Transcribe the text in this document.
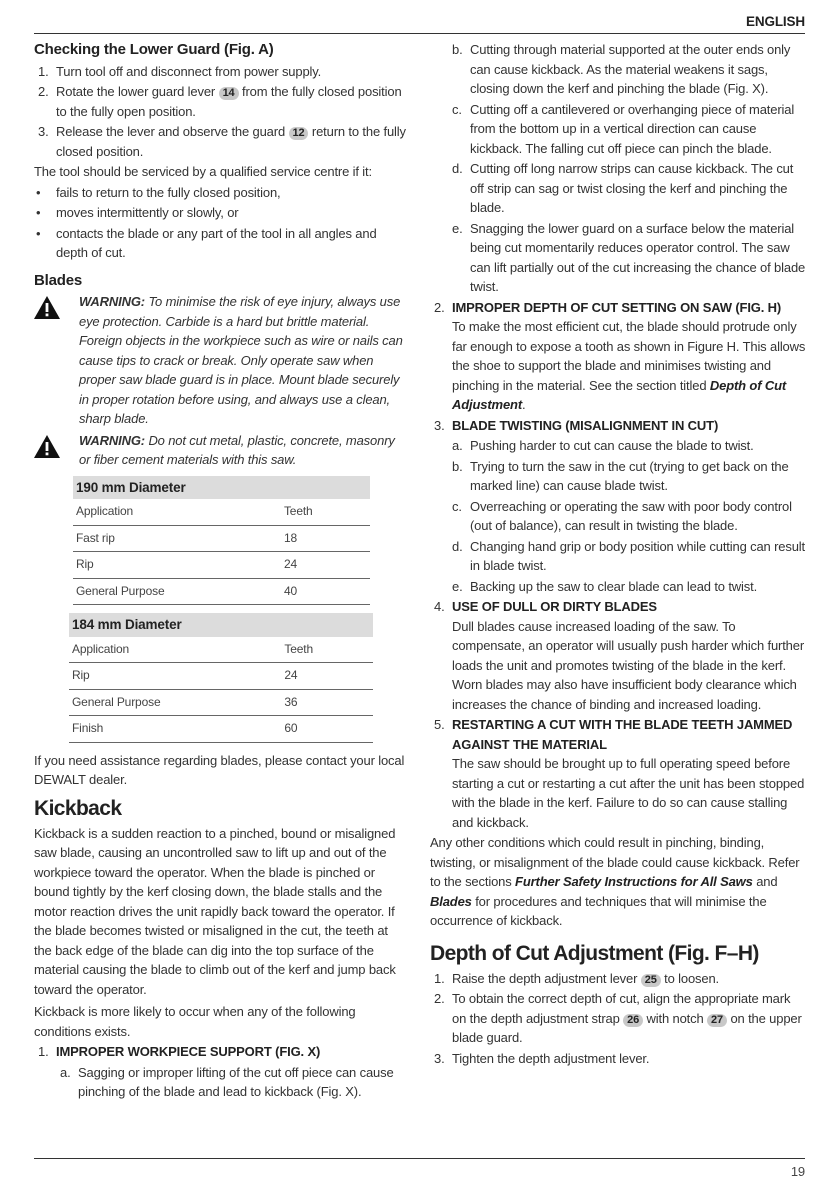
ENGLISH
19
Checking the Lower Guard (Fig. A)
1. Turn tool off and disconnect from power supply.
2. Rotate the lower guard lever 14 from the fully closed position to the fully open position.
3. Release the lever and observe the guard 12 return to the fully closed position.

The tool should be serviced by a qualified service centre if it:

• fails to return to the fully closed position,
• moves intermittently or slowly, or
• contacts the blade or any part of the tool in all angles and depth of cut.
Blades
WARNING: To minimise the risk of eye injury, always use eye protection. Carbide is a hard but brittle material. Foreign objects in the workpiece such as wire or nails can cause tips to crack or break. Only operate saw when proper saw blade guard is in place. Mount blade securely in proper rotation before using, and always use a clean, sharp blade.
WARNING: Do not cut metal, plastic, concrete, masonry or fiber cement materials with this saw.
190 mm Diameter	
Application	Teeth
Fast rip	18
Rip	24
General Purpose	40
184 mm Diameter	
Application	Teeth
Rip	24
General Purpose	36
Finish	60

If you need assistance regarding blades, please contact your local DEWALT dealer.

Kickback

Kickback is a sudden reaction to a pinched, bound or misaligned saw blade, causing an uncontrolled saw to lift up and out of the workpiece toward the operator. When the blade is pinched or bound tightly by the kerf closing down, the blade stalls and the motor reaction drives the unit rapidly back toward the operator. If the blade becomes twisted or misaligned in the cut, the teeth at the back edge of the blade can dig into the top surface of the material causing the blade to climb out of the kerf and jump back toward the operator.

Kickback is more likely to occur when any of the following conditions exists.

1. IMPROPER WORKPIECE SUPPORT (FIG. X)
a. Sagging or improper lifting of the cut off piece can cause pinching of the blade and lead to kickback (Fig. X).
b. Cutting through material supported at the outer ends only can cause kickback. As the material weakens it sags, closing down the kerf and pinching the blade (Fig. X).
c. Cutting off a cantilevered or overhanging piece of material from the bottom up in a vertical direction can cause kickback. The falling cut off piece can pinch the blade.
d. Cutting off long narrow strips can cause kickback. The cut off strip can sag or twist closing the kerf and pinching the blade.
e. Snagging the lower guard on a surface below the material being cut momentarily reduces operator control. The saw can lift partially out of the cut increasing the chance of blade twist.
2. IMPROPER DEPTH OF CUT SETTING ON SAW (FIG. H)
To make the most efficient cut, the blade should protrude only far enough to expose a tooth as shown in Figure H. This allows the shoe to support the blade and minimises twisting and pinching in the material. See the section titled Depth of Cut Adjustment.
3. BLADE TWISTING (MISALIGNMENT IN CUT)
a. Pushing harder to cut can cause the blade to twist.
b. Trying to turn the saw in the cut (trying to get back on the marked line) can cause blade twist.
c. Overreaching or operating the saw with poor body control (out of balance), can result in twisting the blade.
d. Changing hand grip or body position while cutting can result in blade twist.
e. Backing up the saw to clear blade can lead to twist.
4. USE OF DULL OR DIRTY BLADES
Dull blades cause increased loading of the saw. To compensate, an operator will usually push harder which further loads the unit and promotes twisting of the blade in the kerf. Worn blades may also have insufficient body clearance which increases the chance of binding and increased loading.
5. RESTARTING A CUT WITH THE BLADE TEETH JAMMED AGAINST THE MATERIAL
The saw should be brought up to full operating speed before starting a cut or restarting a cut after the unit has been stopped with the blade in the kerf. Failure to do so can cause stalling and kickback.

Any other conditions which could result in pinching, binding, twisting, or misalignment of the blade could cause kickback. Refer to the sections Further Safety Instructions for All Saws and Blades for procedures and techniques that will minimise the occurrence of kickback.

Depth of Cut Adjustment (Fig. F–H)
1. Raise the depth adjustment lever 25 to loosen.
2. To obtain the correct depth of cut, align the appropriate mark on the depth adjustment strap 26 with notch 27 on the upper blade guard.
3. Tighten the depth adjustment lever.
